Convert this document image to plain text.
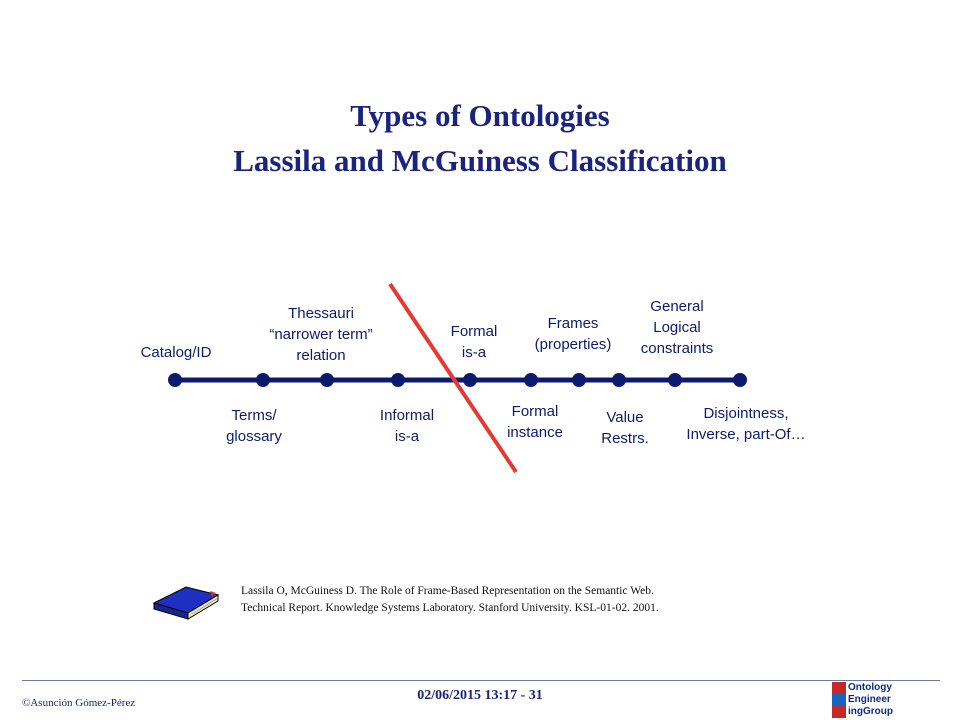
Types of Ontologies
Lassila and McGuiness Classification
Catalog/ID
Thessauri
“narrower term”
relation
Formal
is-a
Frames
(properties)
General
Logical
constraints
Terms/
glossary
Informal
is-a
Formal
instance
Value
Restrs.
Disjointness,
Inverse, part-Of…
Lassila O, McGuiness D. The Role of Frame-Based Representation on the Semantic Web.
Technical Report. Knowledge Systems Laboratory. Stanford University. KSL-01-02. 2001.
©Asunción Gómez-Pérez	02/06/2015 13:17 - 31
Ontology
Engineer
ingGroup
